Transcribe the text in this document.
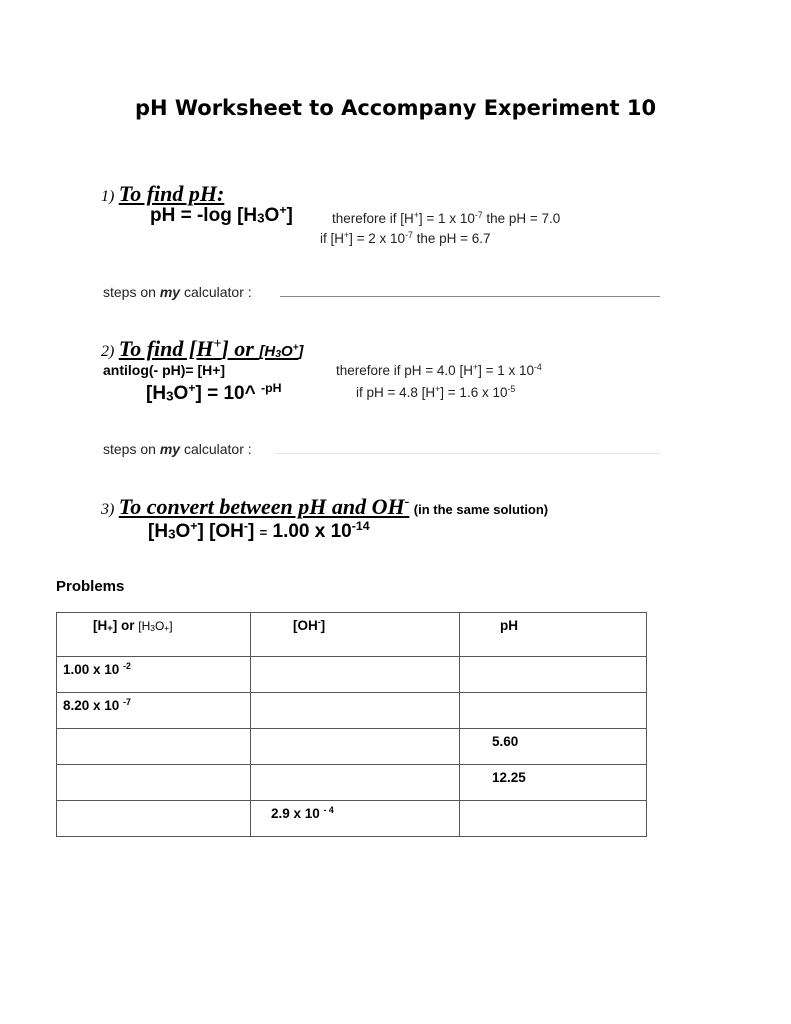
pH Worksheet to Accompany Experiment 10
1) To find pH:
pH = -log $[H_3O^+]$	therefore if [H+] = 1 x $10^{-7}$ the pH = 7.0
if [H+] = 2 x $10^{-7}$ the pH = 6.7
steps on my calculator :
2) To find [H+] or $[H_3O^+]$
antilog(- pH)= [H+]
$[H_3O^+]$ = 10^ $^{-pH}$
therefore if pH = 4.0 [H+] = 1 x $10^{-4}$
if pH = 4.8 [H+] = 1.6 x $10^{-5}$
steps on my calculator :
3) To convert between pH and OH- (in the same solution)
$[H_3O^+] [OH^-] = 1.00$ x $10^{-14}$
Problems
$[H_+]$ or $[H_3O_+]$	[OH-]	pH

1.00 x 10 $^{-2}$

8.20 x 10 $^{-7}$

		5.60

		12.25

	2.9 x 10 $^{- 4}$
